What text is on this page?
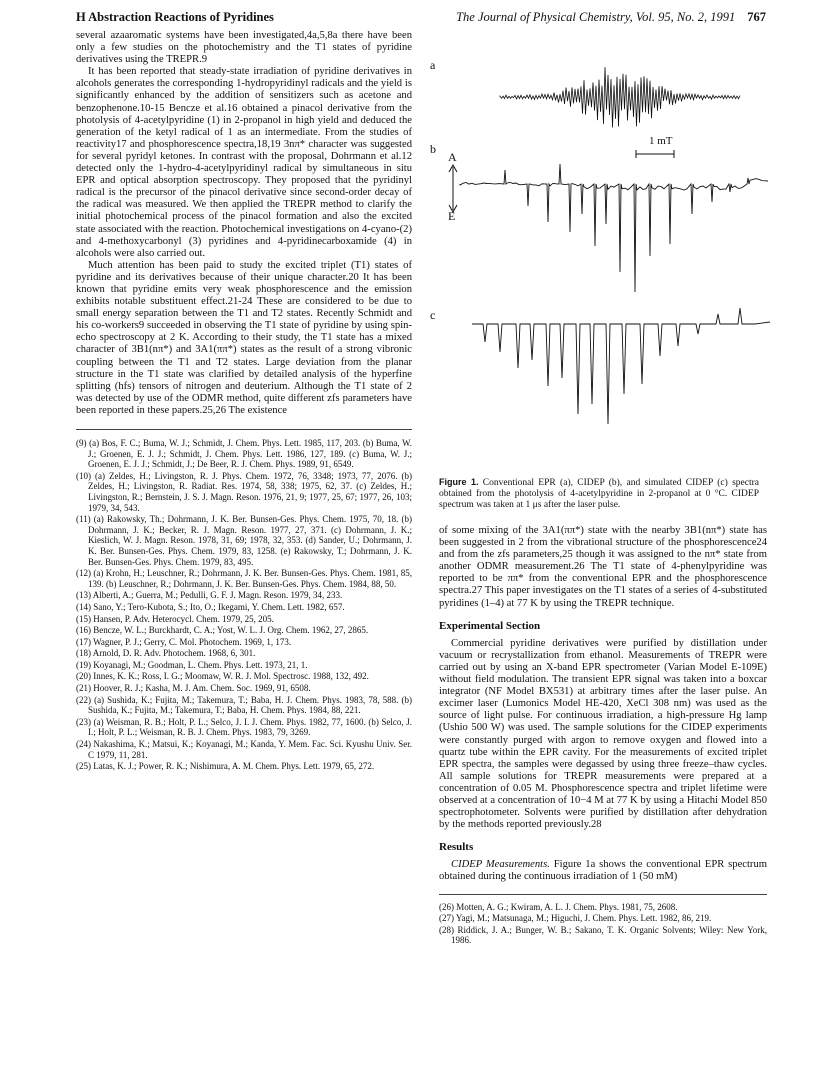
H Abstraction Reactions of Pyridines	The Journal of Physical Chemistry, Vol. 95, No. 2, 1991 767

several azaaromatic systems have been investigated,4a,5,8a there have been only a few studies on the photochemistry and the T1 states of pyridine derivatives using the TREPR.9

It has been reported that steady-state irradiation of pyridine derivatives in alcohols generates the corresponding 1-hydropyridinyl radicals and the yield is significantly enhanced by the addition of sensitizers such as acetone and benzophenone.10-15 Bencze et al.16 obtained a pinacol derivative from the photolysis of 4-acetylpyridine (1) in 2-propanol in high yield and deduced the generation of the ketyl radical of 1 as an intermediate. From the studies of reactivity17 and phosphorescence spectra,18,19 3nπ* character was suggested for several pyridyl ketones. In contrast with the proposal, Dohrmann et al.12 detected only the 1-hydro-4-acetylpyridinyl radical by simultaneous in situ EPR and optical absorption spectroscopy. They proposed that the pyridinyl radical is the precursor of the pinacol derivative since second-order decay of the radical was measured. We then applied the TREPR method to clarify the initial photochemical process of the pinacol formation and also the excited state associated with the reaction. Photochemical investigations on 4-cyano-(2) and 4-methoxycarbonyl (3) pyridines and 4-pyridinecarboxamide (4) in alcohols were also carried out.

Much attention has been paid to study the excited triplet (T1) states of pyridine and its derivatives because of their unique character.20 It has been known that pyridine emits very weak phosphorescence and the emission exhibits notable substituent effect.21-24 These are considered to be due to small energy separation between the T1 and T2 states. Recently Schmidt and his co-workers9 succeeded in observing the T1 state of pyridine by using spin-echo spectroscopy at 2 K. According to their study, the T1 state has a mixed character of 3B1(nπ*) and 3A1(ππ*) states as the result of a strong vibronic coupling between the T1 and T2 states. Large deviation from the planar structure in the T1 state was clarified by detailed analysis of the hyperfine splitting (hfs) tensors of nitrogen and deuterium. Although the T1 state of 2 was detected by use of the ODMR method, quite different zfs parameters have been reported in these papers.25,26 The existence

(9) (a) Bos, F. C.; Buma, W. J.; Schmidt, J. Chem. Phys. Lett. 1985, 117, 203. (b) Buma, W. J.; Groenen, E. J. J.; Schmidt, J. Chem. Phys. Lett. 1986, 127, 189. (c) Buma, W. J.; Groenen, E. J. J.; Schmidt, J.; De Beer, R. J. Chem. Phys. 1989, 91, 6549.
(10) (a) Zeldes, H.; Livingston, R. J. Phys. Chem. 1972, 76, 3348; 1973, 77, 2076. (b) Zeldes, H.; Livingston, R. Radiat. Res. 1974, 58, 338; 1975, 62, 37. (c) Zeldes, H.; Livingston, R.; Bernstein, J. S. J. Magn. Reson. 1976, 21, 9; 1977, 25, 67; 1977, 26, 103; 1979, 34, 543.
(11) (a) Rakowsky, Th.; Dohrmann, J. K. Ber. Bunsen-Ges. Phys. Chem. 1975, 70, 18. (b) Dohrmann, J. K.; Becker, R. J. Magn. Reson. 1977, 27, 371. (c) Dohrmann, J. K.; Kieslich, W. J. Magn. Reson. 1978, 31, 69; 1978, 32, 353. (d) Sander, U.; Dohrmann, J. K. Ber. Bunsen-Ges. Phys. Chem. 1979, 83, 1258. (e) Rakowsky, T.; Dohrmann, J. K. Ber. Bunsen-Ges. Phys. Chem. 1979, 83, 495.
(12) (a) Krohn, H.; Leuschner, R.; Dohrmann, J. K. Ber. Bunsen-Ges. Phys. Chem. 1981, 85, 139. (b) Leuschner, R.; Dohrmann, J. K. Ber. Bunsen-Ges. Phys. Chem. 1984, 88, 50.
(13) Alberti, A.; Guerra, M.; Pedulli, G. F. J. Magn. Reson. 1979, 34, 233.
(14) Sano, Y.; Tero-Kubota, S.; Ito, O.; Ikegami, Y. Chem. Lett. 1982, 657.
(15) Hansen, P. Adv. Heterocycl. Chem. 1979, 25, 205.
(16) Bencze, W. L.; Burckhardt, C. A.; Yost, W. L. J. Org. Chem. 1962, 27, 2865.
(17) Wagner, P. J.; Gerry, C. Mol. Photochem. 1969, 1, 173.
(18) Arnold, D. R. Adv. Photochem. 1968, 6, 301.
(19) Koyanagi, M.; Goodman, L. Chem. Phys. Lett. 1973, 21, 1.
(20) Innes, K. K.; Ross, I. G.; Moomaw, W. R. J. Mol. Spectrosc. 1988, 132, 492.
(21) Hoover, R. J.; Kasha, M. J. Am. Chem. Soc. 1969, 91, 6508.
(22) (a) Sushida, K.; Fujita, M.; Takemura, T.; Baba, H. J. Chem. Phys. 1983, 78, 588. (b) Sushida, K.; Fujita, M.; Takemura, T.; Baba, H. Chem. Phys. 1984, 88, 221.
(23) (a) Weisman, R. B.; Holt, P. L.; Selco, J. I. J. Chem. Phys. 1982, 77, 1600. (b) Selco, J. I.; Holt, P. L.; Weisman, R. B. J. Chem. Phys. 1983, 79, 3269.
(24) Nakashima, K.; Matsui, K.; Koyanagi, M.; Kanda, Y. Mem. Fac. Sci. Kyushu Univ. Ser. C 1979, 11, 281.
(25) Latas, K. J.; Power, R. K.; Nishimura, A. M. Chem. Phys. Lett. 1979, 65, 272.
a
b
c
A
E
1 mT
Figure 1. Conventional EPR (a), CIDEP (b), and simulated CIDEP (c) spectra obtained from the photolysis of 4-acetylpyridine in 2-propanol at 0 °C. CIDEP spectrum was taken at 1 μs after the laser pulse.

of some mixing of the 3A1(ππ*) state with the nearby 3B1(nπ*) state has been suggested in 2 from the vibrational structure of the phosphorescence24 and from the zfs parameters,25 though it was assigned to the nπ* state from another ODMR measurement.26 The T1 state of 4-phenylpyridine was reported to be ππ* from the conventional EPR and the phosphorescence spectra.27 This paper investigates on the T1 states of a series of 4-substituted pyridines (1–4) at 77 K by using the TREPR technique.

Experimental Section

Commercial pyridine derivatives were purified by distillation under vacuum or recrystallization from ethanol. Measurements of TREPR were carried out by using an X-band EPR spectrometer (Varian Model E-109E) without field modulation. The transient EPR signal was taken into a boxcar integrator (NF Model BX531) at arbitrary times after the laser pulse. An excimer laser (Lumonics Model HE-420, XeCl 308 nm) was used as the source of light pulse. For continuous irradiation, a high-pressure Hg lamp (Ushio 500 W) was used. The sample solutions for the CIDEP experiments were constantly purged with argon to remove oxygen and flowed into a quartz tube within the EPR cavity. For the measurements of excited triplet EPR spectra, the samples were degassed by using three freeze–thaw cycles. All sample solutions for TREPR measurements were prepared at a concentration of 0.05 M. Phosphorescence spectra and triplet lifetime were observed at a concentration of 10−4 M at 77 K by using a Hitachi Model 850 spectrophotometer. Solvents were purified by distillation after dehydration by the methods reported previously.28

Results

CIDEP Measurements. Figure 1a shows the conventional EPR spectrum obtained during the continuous irradiation of 1 (50 mM)

(26) Motten, A. G.; Kwiram, A. L. J. Chem. Phys. 1981, 75, 2608.
(27) Yagi, M.; Matsunaga, M.; Higuchi, J. Chem. Phys. Lett. 1982, 86, 219.
(28) Riddick, J. A.; Bunger, W. B.; Sakano, T. K. Organic Solvents; Wiley: New York, 1986.
